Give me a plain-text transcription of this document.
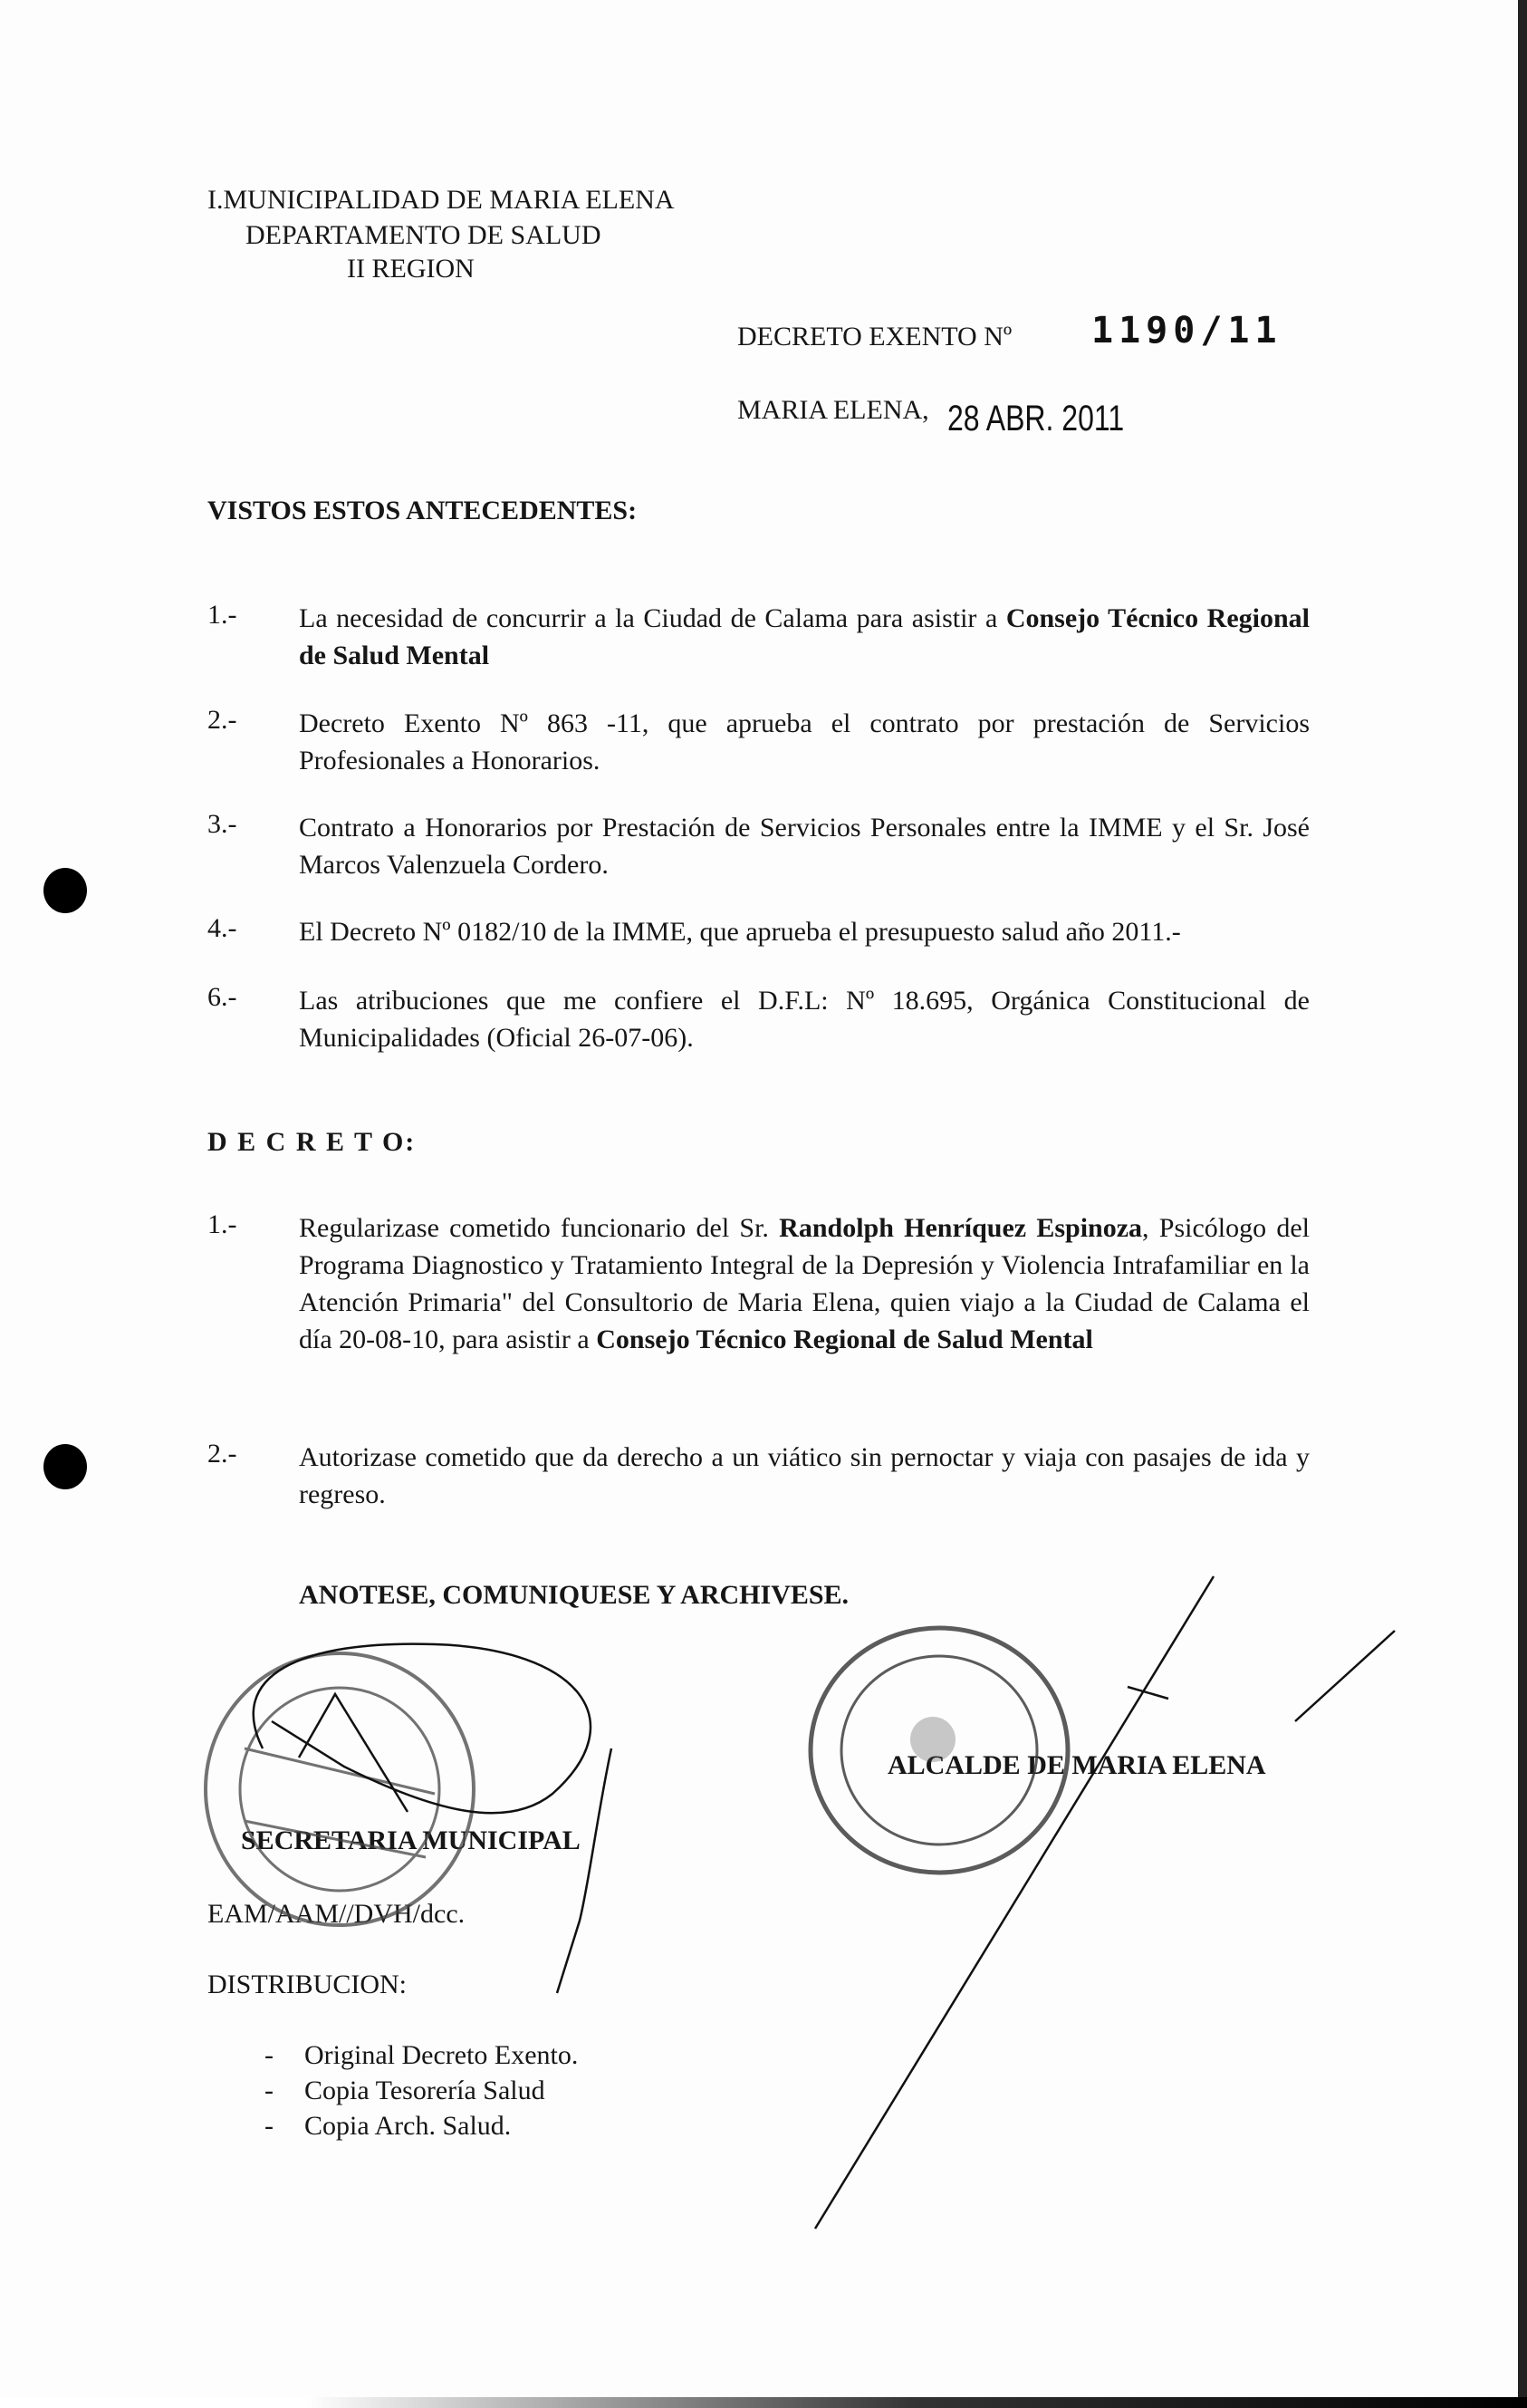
I.MUNICIPALIDAD DE MARIA ELENA
DEPARTAMENTO DE SALUD
II REGION
DECRETO EXENTO Nº 1190/11
MARIA ELENA, 28 ABR. 2011
VISTOS ESTOS ANTECEDENTES:
1.- La necesidad de concurrir a la Ciudad de Calama para asistir a Consejo Técnico Regional de Salud Mental
2.- Decreto Exento Nº 863 -11, que aprueba el contrato por prestación de Servicios Profesionales a Honorarios.
3.- Contrato a Honorarios por Prestación de Servicios Personales entre la IMME y el Sr. José Marcos Valenzuela Cordero.
4.- El Decreto Nº 0182/10 de la IMME, que aprueba el presupuesto salud año 2011.-
6.- Las atribuciones que me confiere el D.F.L: Nº 18.695, Orgánica Constitucional de Municipalidades (Oficial 26-07-06).
D E C R E T O:
1.- Regularizase cometido funcionario del Sr. Randolph Henríquez Espinoza, Psicólogo del Programa Diagnostico y Tratamiento Integral de la Depresión y Violencia Intrafamiliar en la Atención Primaria" del Consultorio de Maria Elena, quien viajo a la Ciudad de Calama el día 20-08-10, para asistir a Consejo Técnico Regional de Salud Mental
2.- Autorizase cometido que da derecho a un viático sin pernoctar y viaja con pasajes de ida y regreso.
ANOTESE, COMUNIQUESE Y ARCHIVESE.
SECRETARIA MUNICIPAL
ALCALDE DE MARIA ELENA
EAM/AAM//DVH/dcc.
DISTRIBUCION:
- Original Decreto Exento.
- Copia Tesorería Salud
- Copia Arch. Salud.
